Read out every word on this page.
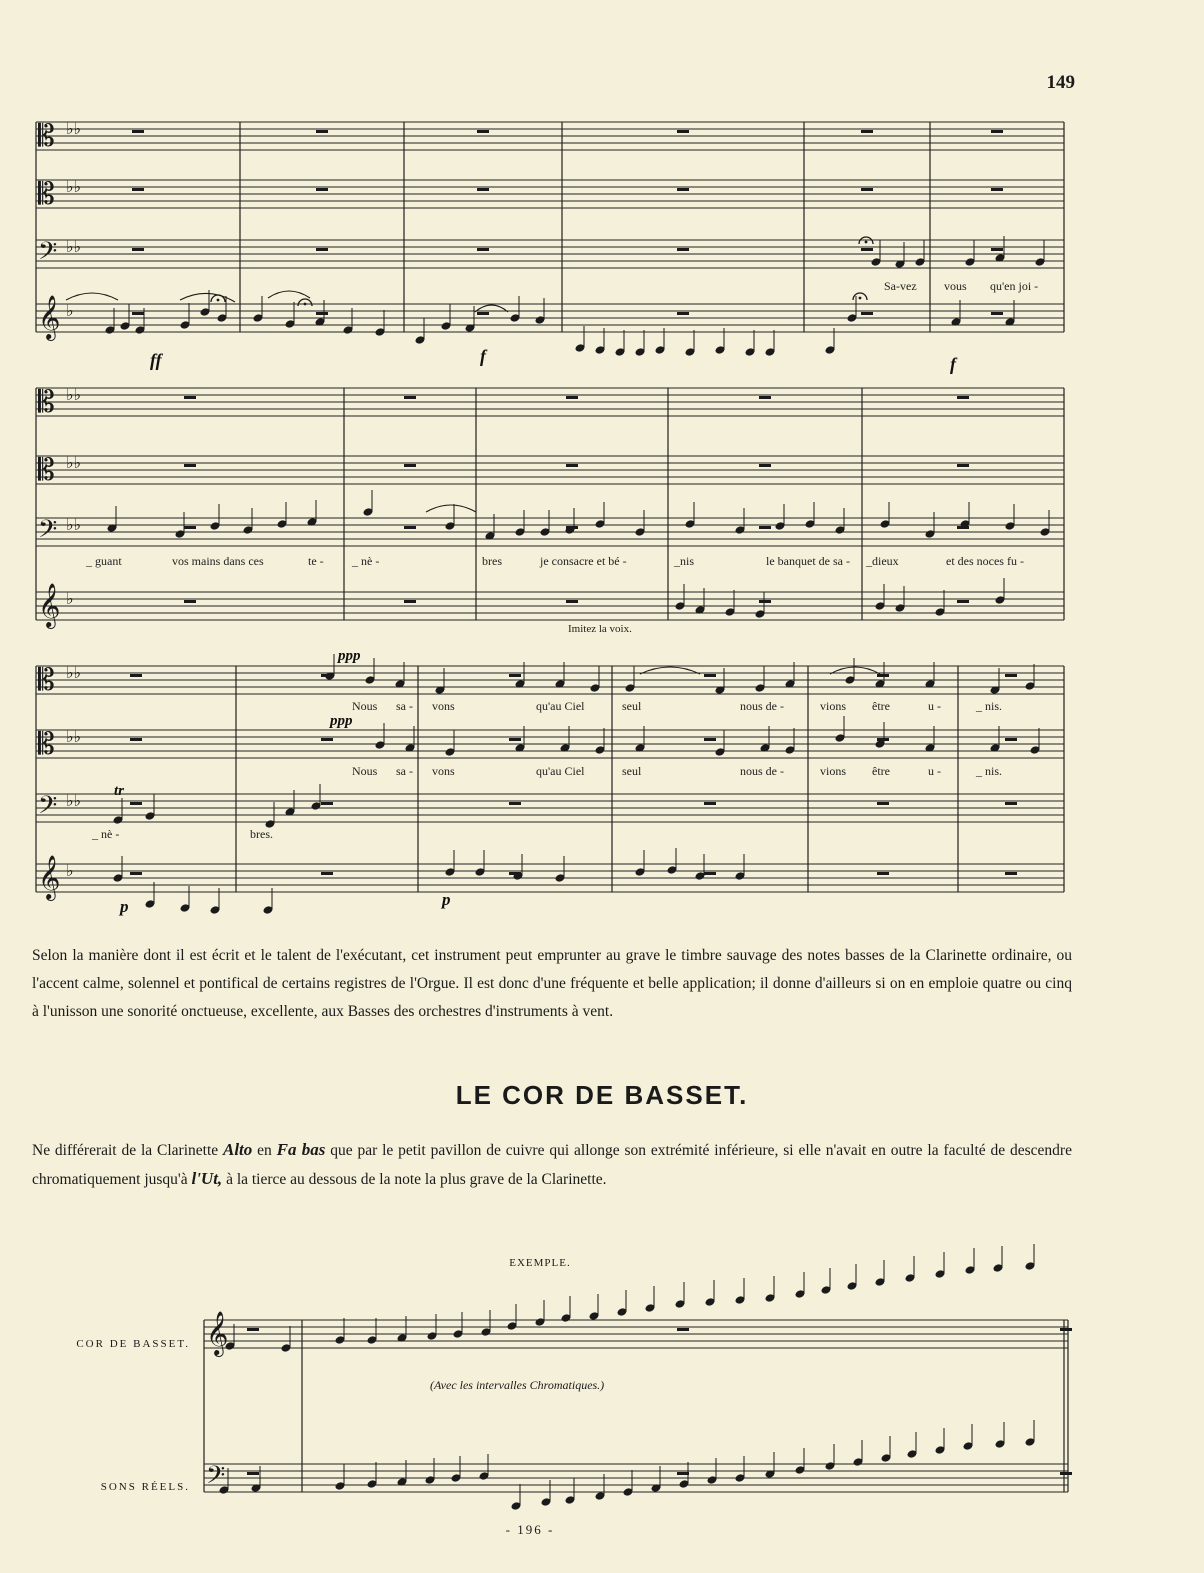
149
𝄡 ♭♭
𝄡 ♭♭
𝄢 ♭♭
𝄞 ♭
𝄡 ♭♭
𝄡 ♭♭
𝄢 ♭♭
𝄞 ♭
𝄡 ♭♭
𝄡 ♭♭
𝄢 ♭♭
𝄞 ♭
𝄞
𝄢
Sa-vez vous qu'en joi -
_ guant	vos mains dans ces	te - _ nè -	bres	je consacre et bé -	_nis	le banquet de sa - _dieux	et des noces fu -
Nous sa - vons	qu'au Ciel	seul	nous de -	vions être	u -	_ nis.
Nous sa - vons	qu'au Ciel	seul	nous de -	vions être	u -	_ nis.
_ nè -	bres.
Imitez la voix.
ff	f	f
ppp
ppp
p	p
tr

Selon la manière dont il est écrit et le talent de l'exécutant, cet instrument peut emprunter au grave le timbre sauvage des notes basses de la Clarinette ordinaire, ou l'accent calme, solennel et pontifical de certains registres de l'Orgue. Il est donc d'une fréquente et belle application; il donne d'ailleurs si on en emploie quatre ou cinq à l'unisson une sonorité onctueuse, excellente, aux Basses des orchestres d'instruments à vent.

LE COR DE BASSET.

Ne différerait de la Clarinette Alto en Fa bas que par le petit pavillon de cuivre qui allonge son extrémité inférieure, si elle n'avait en outre la faculté de descendre chromatiquement jusqu'à l'Ut, à la tierce au dessous de la note la plus grave de la Clarinette.

EXEMPLE.
COR DE BASSET.
SONS RÉELS.
(Avec les intervalles Chromatiques.)
- 196 -
